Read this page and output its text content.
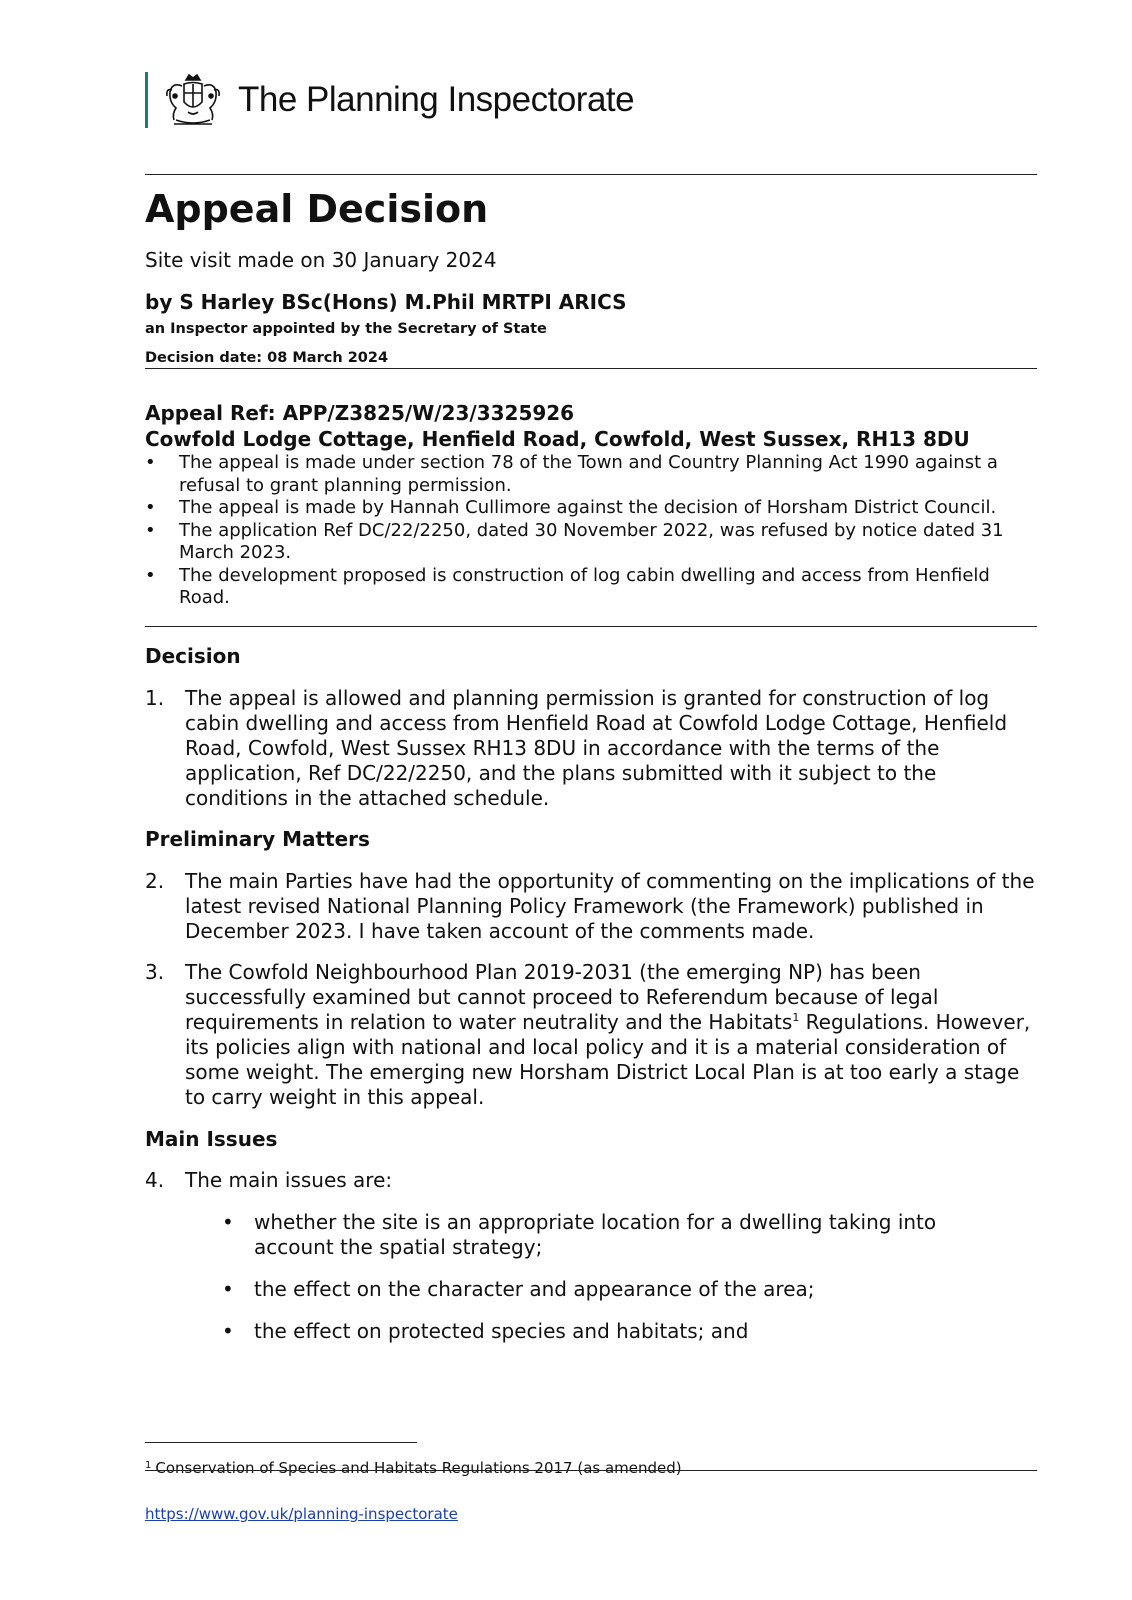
The Planning Inspectorate
Appeal Decision
Site visit made on 30 January 2024
by S Harley BSc(Hons) M.Phil MRTPI ARICS
an Inspector appointed by the Secretary of State
Decision date: 08 March 2024
Appeal Ref: APP/Z3825/W/23/3325926
Cowfold Lodge Cottage, Henfield Road, Cowfold, West Sussex, RH13 8DU
• The appeal is made under section 78 of the Town and Country Planning Act 1990 against a refusal to grant planning permission.
• The appeal is made by Hannah Cullimore against the decision of Horsham District Council.
• The application Ref DC/22/2250, dated 30 November 2022, was refused by notice dated 31 March 2023.
• The development proposed is construction of log cabin dwelling and access from Henfield Road.
Decision
1. The appeal is allowed and planning permission is granted for construction of log cabin dwelling and access from Henfield Road at Cowfold Lodge Cottage, Henfield Road, Cowfold, West Sussex RH13 8DU in accordance with the terms of the application, Ref DC/22/2250, and the plans submitted with it subject to the conditions in the attached schedule.
Preliminary Matters
2. The main Parties have had the opportunity of commenting on the implications of the latest revised National Planning Policy Framework (the Framework) published in December 2023. I have taken account of the comments made.
3. The Cowfold Neighbourhood Plan 2019-2031 (the emerging NP) has been successfully examined but cannot proceed to Referendum because of legal requirements in relation to water neutrality and the Habitats$^1$ Regulations. However, its policies align with national and local policy and it is a material consideration of some weight. The emerging new Horsham District Local Plan is at too early a stage to carry weight in this appeal.
Main Issues
4. The main issues are:
• whether the site is an appropriate location for a dwelling taking into account the spatial strategy;
• the effect on the character and appearance of the area;
• the effect on protected species and habitats; and
$^1$ Conservation of Species and Habitats Regulations 2017 (as amended)
https://www.gov.uk/planning-inspectorate
